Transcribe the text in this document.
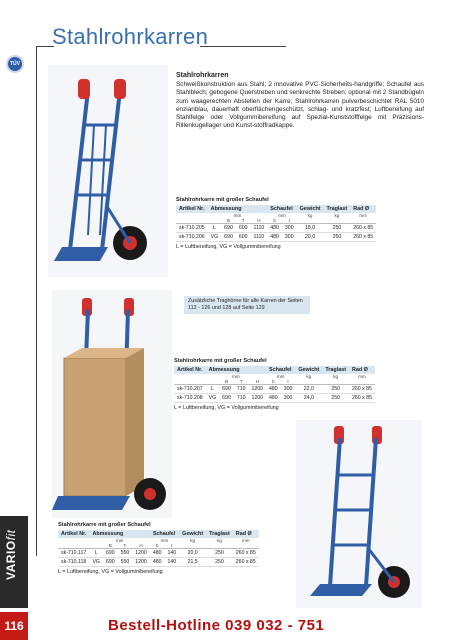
Stahlrohrkarren
TÜV
Stahlrohrkarren
Schweißkonstruktion aus Stahl; 2 innovative PVC-Sicherheits-handgriffe; Schaufel aus Stahlblech; gebogene Querstreben und senkrechte Streben; optional mit 2 Standbügeln zum waagerechten Abstellen der Karre; Stahlrohrkarren pulverbeschichtet RAL 5010 enzianblau, dauerhaft oberflächengeschützt, schlag- und kratzfest; Luftbereifung auf Stahlfelge oder Vollgummibereifung auf Spezial-Kunststofffelge mit Präzisions-Rillenkugellager und Kunst-stoffradkappe.
Stahlrohrkarre mit großer Schaufel
Artikel Nr.	Abmessung				Schaufel		Gewicht	Traglast	Rad Ø
	mm				mm		kg	kg	mm
		B	T	H	b	t			
sk-710.205	L	690	600	1110	480	300	18,0	250	260 x 85
sk-710.206	VG	690	600	1110	480	300	20,0	250	260 x 85
L = Luftbereifung, VG = Vollgummibereifung
Zusätzliche Traghörne für alle Karren der Seiten 112 - 126 und 128 auf Seite 129
Stahlrohrkarre mit großer Schaufel
Artikel Nr.	Abmessung				Schaufel		Gewicht	Traglast	Rad Ø
	mm				mm		kg	kg	mm
		B	T	H	b	t			
sk-710.207	L	690	710	1200	480	300	22,0	250	260 x 85
sk-710.208	VG	690	710	1200	480	300	24,0	250	260 x 85
L = Luftbereifung, VG = Vollgummibereifung
Stahlrohrkarre mit großer Schaufel
Artikel Nr.	Abmessung				Schaufel		Gewicht	Traglast	Rad Ø
	mm				mm		kg	kg	mm
		B	T	H	b	t			
sk-710.117	L	690	550	1200	480	140	20,0	250	260 x 85
sk-710.118	VG	690	550	1200	480	140	21,5	250	260 x 85
L = Luftbereifung, VG = Vollgummibereifung
VARIOfit
116	Bestell-Hotline 039 032 - 751
